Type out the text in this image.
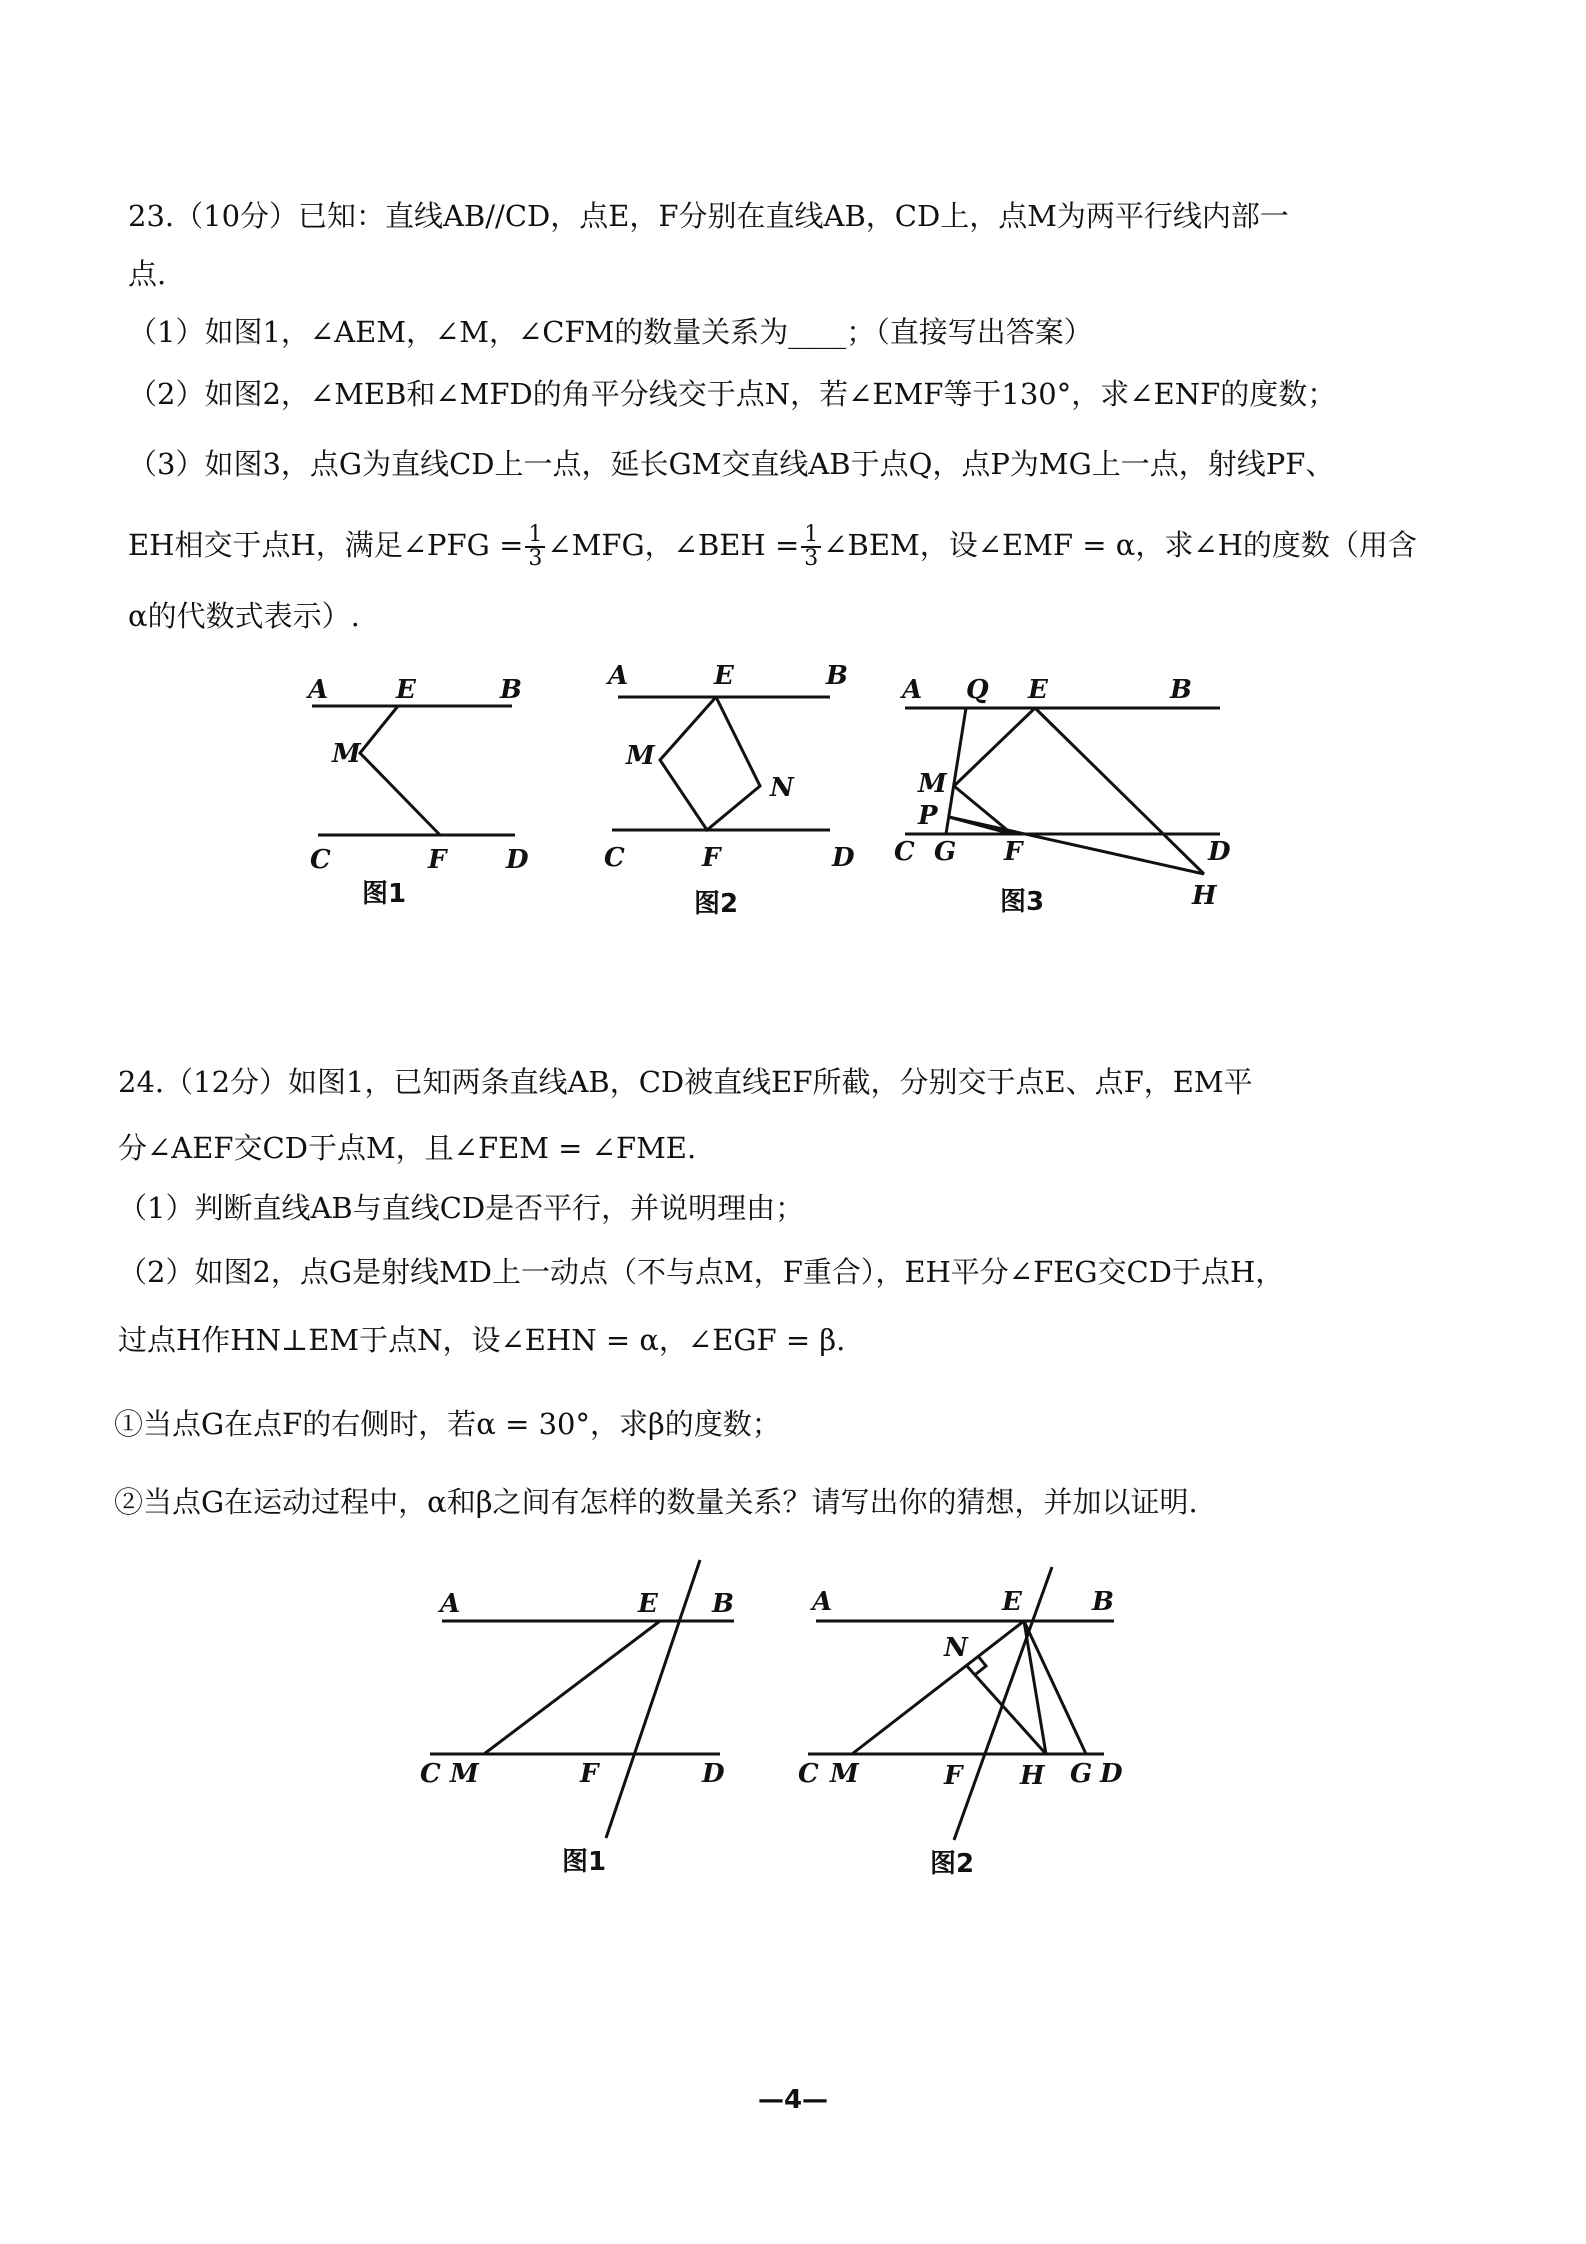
23.（10分）已知：直线AB//CD，点E，F分别在直线AB，CD上，点M为两平行线内部一
点.
（1）如图1，∠AEM，∠M，∠CFM的数量关系为____；（直接写出答案）
（2）如图2，∠MEB和∠MFD的角平分线交于点N，若∠EMF等于130°，求∠ENF的度数；
（3）如图3，点G为直线CD上一点，延长GM交直线AB于点Q，点P为MG上一点，射线PF、
EH相交于点H，满足∠PFG = $\frac{1}{3}$ ∠MFG，∠BEH = $\frac{1}{3}$ ∠BEM，设∠EMF = α，求∠H的度数（用含
α的代数式表示）.
24.（12分）如图1，已知两条直线AB，CD被直线EF所截，分别交于点E、点F，EM平
分∠AEF交CD于点M，且∠FEM = ∠FME.
（1）判断直线AB与直线CD是否平行，并说明理由；
（2）如图2，点G是射线MD上一动点（不与点M，F重合），EH平分∠FEG交CD于点H，
过点H作HN⊥EM于点N，设∠EHN = α，∠EGF = β.
①当点G在点F的右侧时，若α = 30°，求β的度数；
②当点G在运动过程中，α和β之间有怎样的数量关系？请写出你的猜想，并加以证明.
A	E	B
M
C	F D
图1
A	E	B
M
N
C	F	D
图2
A Q E	B
M
P
C G F	D
H
图3
A	E B
C M	F	D
图1
A	E	B
N
C M	F H G D
图2
—4—
